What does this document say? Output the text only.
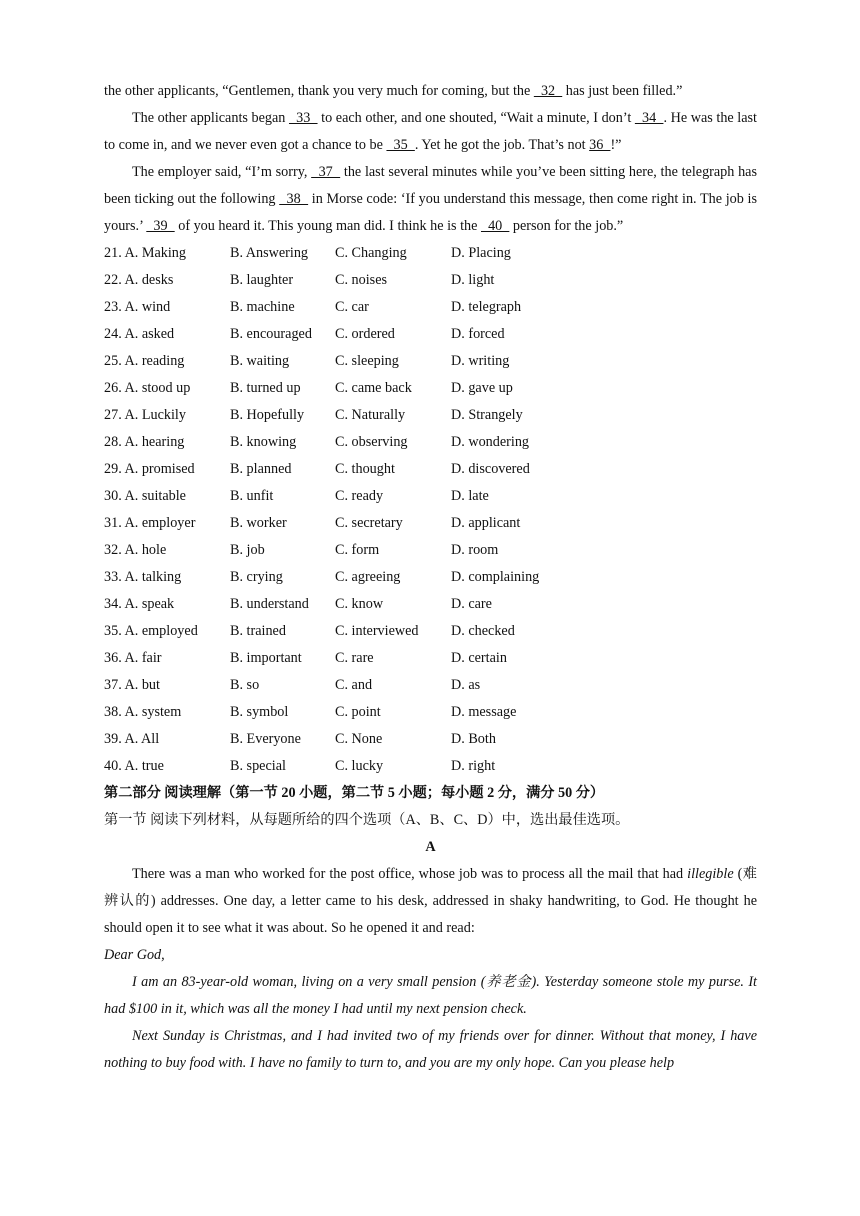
the other applicants, “Gentlemen, thank you very much for coming, but the   32   has just been filled.”

The other applicants began   33   to each other, and one shouted, “Wait a minute, I don’t   34  . He was the last to come in, and we never even got a chance to be   35  . Yet he got the job. That’s not 36  !”

The employer said, “I’m sorry,   37   the last several minutes while you’ve been sitting here, the telegraph has been ticking out the following   38   in Morse code: ‘If you understand this message, then come right in. The job is yours.’   39   of you heard it. This young man did. I think he is the   40   person for the job.”

21. A. Making	B. Answering	C. Changing	D. Placing
22. A. desks	B. laughter	C. noises	D. light
23. A. wind	B. machine	C. car	D. telegraph
24. A. asked	B. encouraged	C. ordered	D. forced
25. A. reading	B. waiting	C. sleeping	D. writing
26. A. stood up	B. turned up	C. came back	D. gave up
27. A. Luckily	B. Hopefully	C. Naturally	D. Strangely
28. A. hearing	B. knowing	C. observing	D. wondering
29. A. promised	B. planned	C. thought	D. discovered
30. A. suitable	B. unfit	C. ready	D. late
31. A. employer	B. worker	C. secretary	D. applicant
32. A. hole	B. job	C. form	D. room
33. A. talking	B. crying	C. agreeing	D. complaining
34. A. speak	B. understand	C. know	D. care
35. A. employed	B. trained	C. interviewed	D. checked
36. A. fair	B. important	C. rare	D. certain
37. A. but	B. so	C. and	D. as
38. A. system	B. symbol	C. point	D. message
39. A. All	B. Everyone	C. None	D. Both
40. A. true	B. special	C. lucky	D. right

第二部分 阅读理解（第一节 20 小题，第二节 5 小题；每小题 2 分，满分 50 分）

第一节 阅读下列材料，从每题所给的四个选项（A、B、C、D）中，选出最佳选项。

A

There was a man who worked for the post office, whose job was to process all the mail that had illegible (难辨认的) addresses. One day, a letter came to his desk, addressed in shaky handwriting, to God. He thought he should open it to see what it was about. So he opened it and read:

Dear God,

I am an 83-year-old woman, living on a very small pension (养老金). Yesterday someone stole my purse. It had $100 in it, which was all the money I had until my next pension check.

Next Sunday is Christmas, and I had invited two of my friends over for dinner. Without that money, I have nothing to buy food with. I have no family to turn to, and you are my only hope. Can you please help
